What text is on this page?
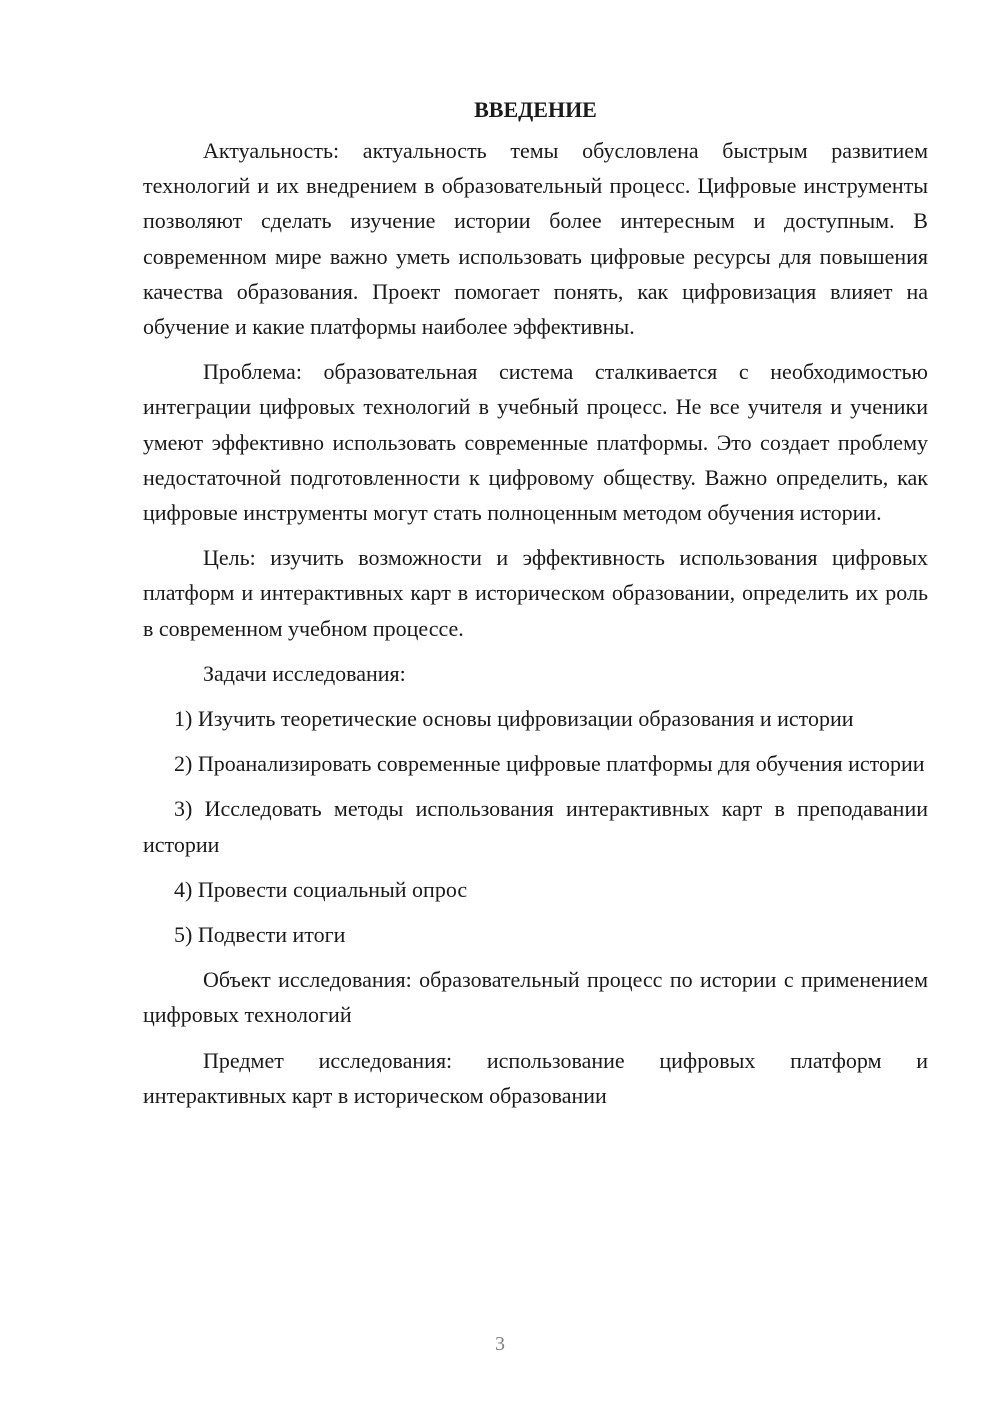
ВВЕДЕНИЕ

Актуальность: актуальность темы обусловлена быстрым развитием технологий и их внедрением в образовательный процесс. Цифровые инструменты позволяют сделать изучение истории более интересным и доступным. В современном мире важно уметь использовать цифровые ресурсы для повышения качества образования. Проект помогает понять, как цифровизация влияет на обучение и какие платформы наиболее эффективны.

Проблема: образовательная система сталкивается с необходимостью интеграции цифровых технологий в учебный процесс. Не все учителя и ученики умеют эффективно использовать современные платформы. Это создает проблему недостаточной подготовленности к цифровому обществу. Важно определить, как цифровые инструменты могут стать полноценным методом обучения истории.

Цель: изучить возможности и эффективность использования цифровых платформ и интерактивных карт в историческом образовании, определить их роль в современном учебном процессе.

Задачи исследования:

1) Изучить теоретические основы цифровизации образования и истории

2) Проанализировать современные цифровые платформы для обучения истории

3) Исследовать методы использования интерактивных карт в преподавании истории

4) Провести социальный опрос

5) Подвести итоги

Объект исследования: образовательный процесс по истории с применением цифровых технологий

Предмет исследования: использование цифровых платформ и интерактивных карт в историческом образовании

3
